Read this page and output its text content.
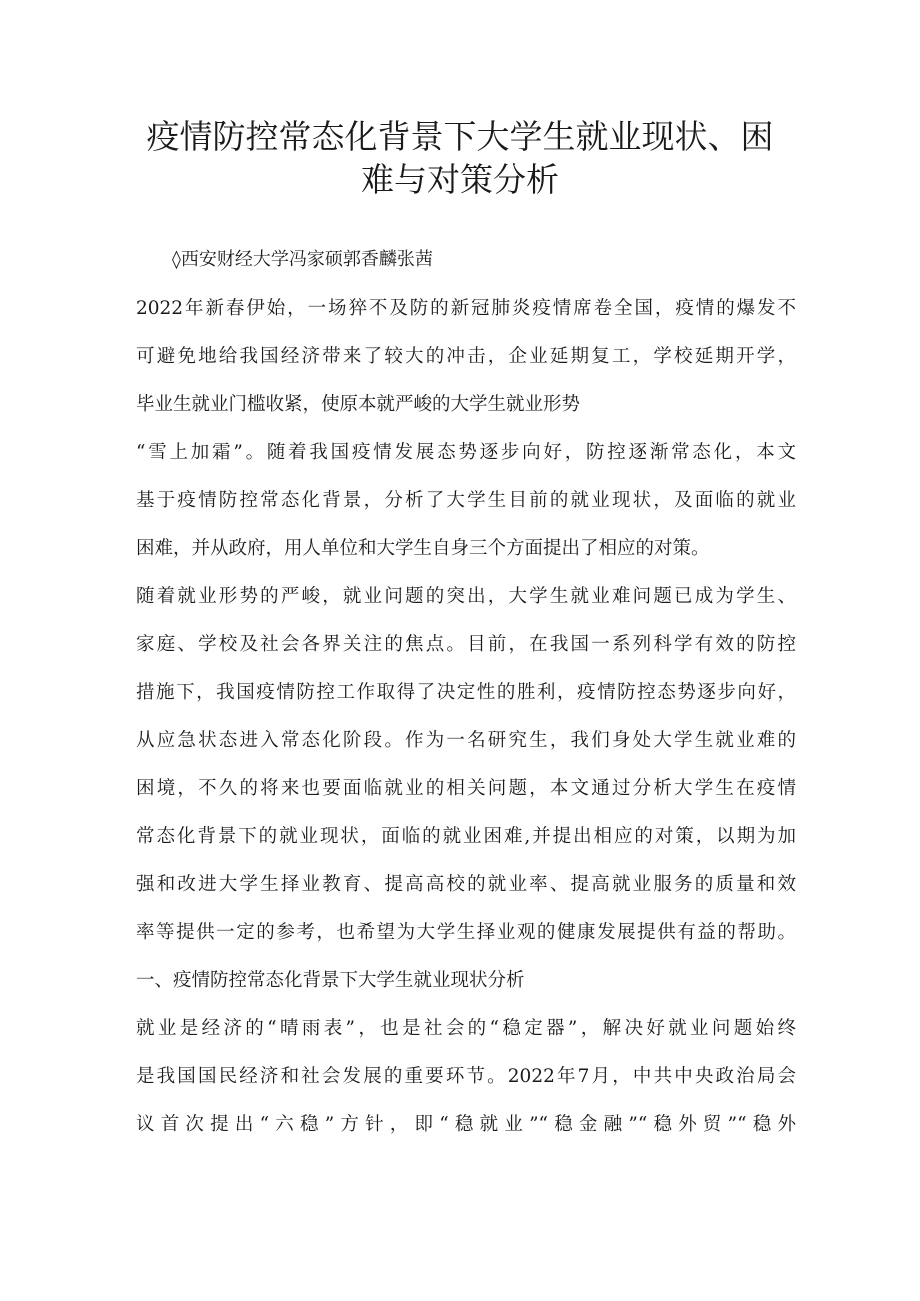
疫情防控常态化背景下大学生就业现状、困
难与对策分析

◊西安财经大学冯家硕郭香麟张茜

2022年新春伊始，一场猝不及防的新冠肺炎疫情席卷全国，疫情的爆发不

可避免地给我国经济带来了较大的冲击，企业延期复工，学校延期开学，

毕业生就业门槛收紧，使原本就严峻的大学生就业形势

“雪上加霜”。随着我国疫情发展态势逐步向好，防控逐渐常态化，本文

基于疫情防控常态化背景，分析了大学生目前的就业现状，及面临的就业

困难，并从政府，用人单位和大学生自身三个方面提出了相应的对策。

随着就业形势的严峻，就业问题的突出，大学生就业难问题已成为学生、

家庭、学校及社会各界关注的焦点。目前，在我国一系列科学有效的防控

措施下，我国疫情防控工作取得了决定性的胜利，疫情防控态势逐步向好，

从应急状态进入常态化阶段。作为一名研究生，我们身处大学生就业难的

困境，不久的将来也要面临就业的相关问题，本文通过分析大学生在疫情

常态化背景下的就业现状，面临的就业困难,并提出相应的对策，以期为加

强和改进大学生择业教育、提高高校的就业率、提高就业服务的质量和效

率等提供一定的参考，也希望为大学生择业观的健康发展提供有益的帮助。

一、疫情防控常态化背景下大学生就业现状分析

就业是经济的“晴雨表”，也是社会的“稳定器”，解决好就业问题始终

是我国国民经济和社会发展的重要环节。2022年7月，中共中央政治局会

议首次提出“六稳”方针，即“稳就业”“稳金融”“稳外贸”“稳外
